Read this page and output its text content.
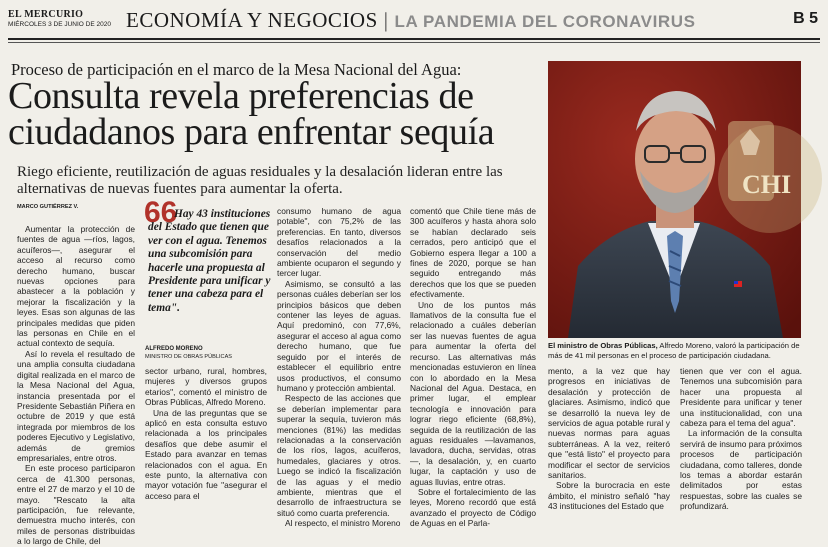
EL MERCURIO
MIÉRCOLES 3 DE JUNIO DE 2020 ECONOMÍA Y NEGOCIOS | LA PANDEMIA DEL CORONAVIRUS	B 5
Proceso de participación en el marco de la Mesa Nacional del Agua:
Consulta revela preferencias de ciudadanos para enfrentar sequía
Riego eficiente, reutilización de aguas residuales y la desalación lideran entre las alternativas de nuevas fuentes para aumentar la oferta.	CHI
El ministro de Obras Públicas, Alfredo Moreno, valoró la participación de más de 41 mil personas en el proceso de participación ciudadana.
MARCO GUTIÉRREZ V.

Aumentar la protección de fuentes de agua —ríos, lagos, acuíferos—, asegurar el acceso al recurso como derecho humano, buscar nuevas opciones para abastecer a la población y mejorar la fiscalización y la leyes. Esas son algunas de las principales medidas que piden las personas en Chile en el actual contexto de sequía.

Así lo revela el resultado de una amplia consulta ciudadana digital realizada en el marco de la Mesa Nacional del Agua, instancia presentada por el Presidente Sebastián Piñera en octubre de 2019 y que está integrada por miembros de los poderes Ejecutivo y Legislativo, además de gremios empresariales, entre otros.

En este proceso participaron cerca de 41.300 personas, entre el 27 de marzo y el 10 de mayo. "Rescato la alta participación, fue relevante, demuestra mucho interés, con miles de personas distribuidas a lo largo de Chile, del

66
Hay 43 instituciones del Estado que tienen que ver con el agua. Tenemos una subcomisión para hacerle una propuesta al Presidente para unificar y tener una cabeza para el tema".
ALFREDO MORENO
MINISTRO DE OBRAS PÚBLICAS

sector urbano, rural, hombres, mujeres y diversos grupos etarios", comentó el ministro de Obras Públicas, Alfredo Moreno.

Una de las preguntas que se aplicó en esta consulta estuvo relacionada a los principales desafíos que debe asumir el Estado para avanzar en temas relacionados con el agua. En este punto, la alternativa con mayor votación fue "asegurar el acceso para el

consumo humano de agua potable", con 75,2% de las preferencias. En tanto, diversos desafíos relacionados a la conservación del medio ambiente ocuparon el segundo y tercer lugar.

Asimismo, se consultó a las personas cuáles deberían ser los principios básicos que deben contener las leyes de aguas. Aquí predominó, con 77,6%, asegurar el acceso al agua como derecho humano, que fue seguido por el interés de establecer el equilibrio entre usos productivos, el consumo humano y protección ambiental.

Respecto de las acciones que se deberían implementar para superar la sequía, tuvieron más menciones (81%) las medidas relacionadas a la conservación de los ríos, lagos, acuíferos, humedales, glaciares y otros. Luego se indicó la fiscalización de las aguas y el medio ambiente, mientras que el desarrollo de infraestructura se situó como cuarta preferencia.

Al respecto, el ministro Moreno

comentó que Chile tiene más de 300 acuíferos y hasta ahora solo se habían declarado seis cerrados, pero anticipó que el Gobierno espera llegar a 100 a fines de 2020, porque se han seguido entregando más derechos que los que se pueden efectivamente.

Uno de los puntos más llamativos de la consulta fue el relacionado a cuáles deberían ser las nuevas fuentes de agua para aumentar la oferta del recurso. Las alternativas más mencionadas estuvieron en línea con lo abordado en la Mesa Nacional del Agua. Destaca, en primer lugar, el emplear tecnología e innovación para lograr riego eficiente (68,8%), seguida de la reutilización de las aguas residuales —lavamanos, lavadora, ducha, servidas, otras—, la desalación, y, en cuarto lugar, la captación y uso de aguas lluvias, entre otras.

Sobre el fortalecimiento de las leyes, Moreno recordó que está avanzado el proyecto de Código de Aguas en el Parla-

mento, a la vez que hay progresos en iniciativas de desalación y protección de glaciares. Asimismo, indicó que se desarrolló la nueva ley de servicios de agua potable rural y nuevas normas para aguas subterráneas. A la vez, reiteró que "está listo" el proyecto para modificar el sector de servicios sanitarios.

Sobre la burocracia en este ámbito, el ministro señaló "hay 43 instituciones del Estado que

tienen que ver con el agua. Tenemos una subcomisión para hacer una propuesta al Presidente para unificar y tener una institucionalidad, con una cabeza para el tema del agua".

La información de la consulta servirá de insumo para próximos procesos de participación ciudadana, como talleres, donde los temas a abordar estarán delimitados por estas respuestas, sobre las cuales se profundizará.
